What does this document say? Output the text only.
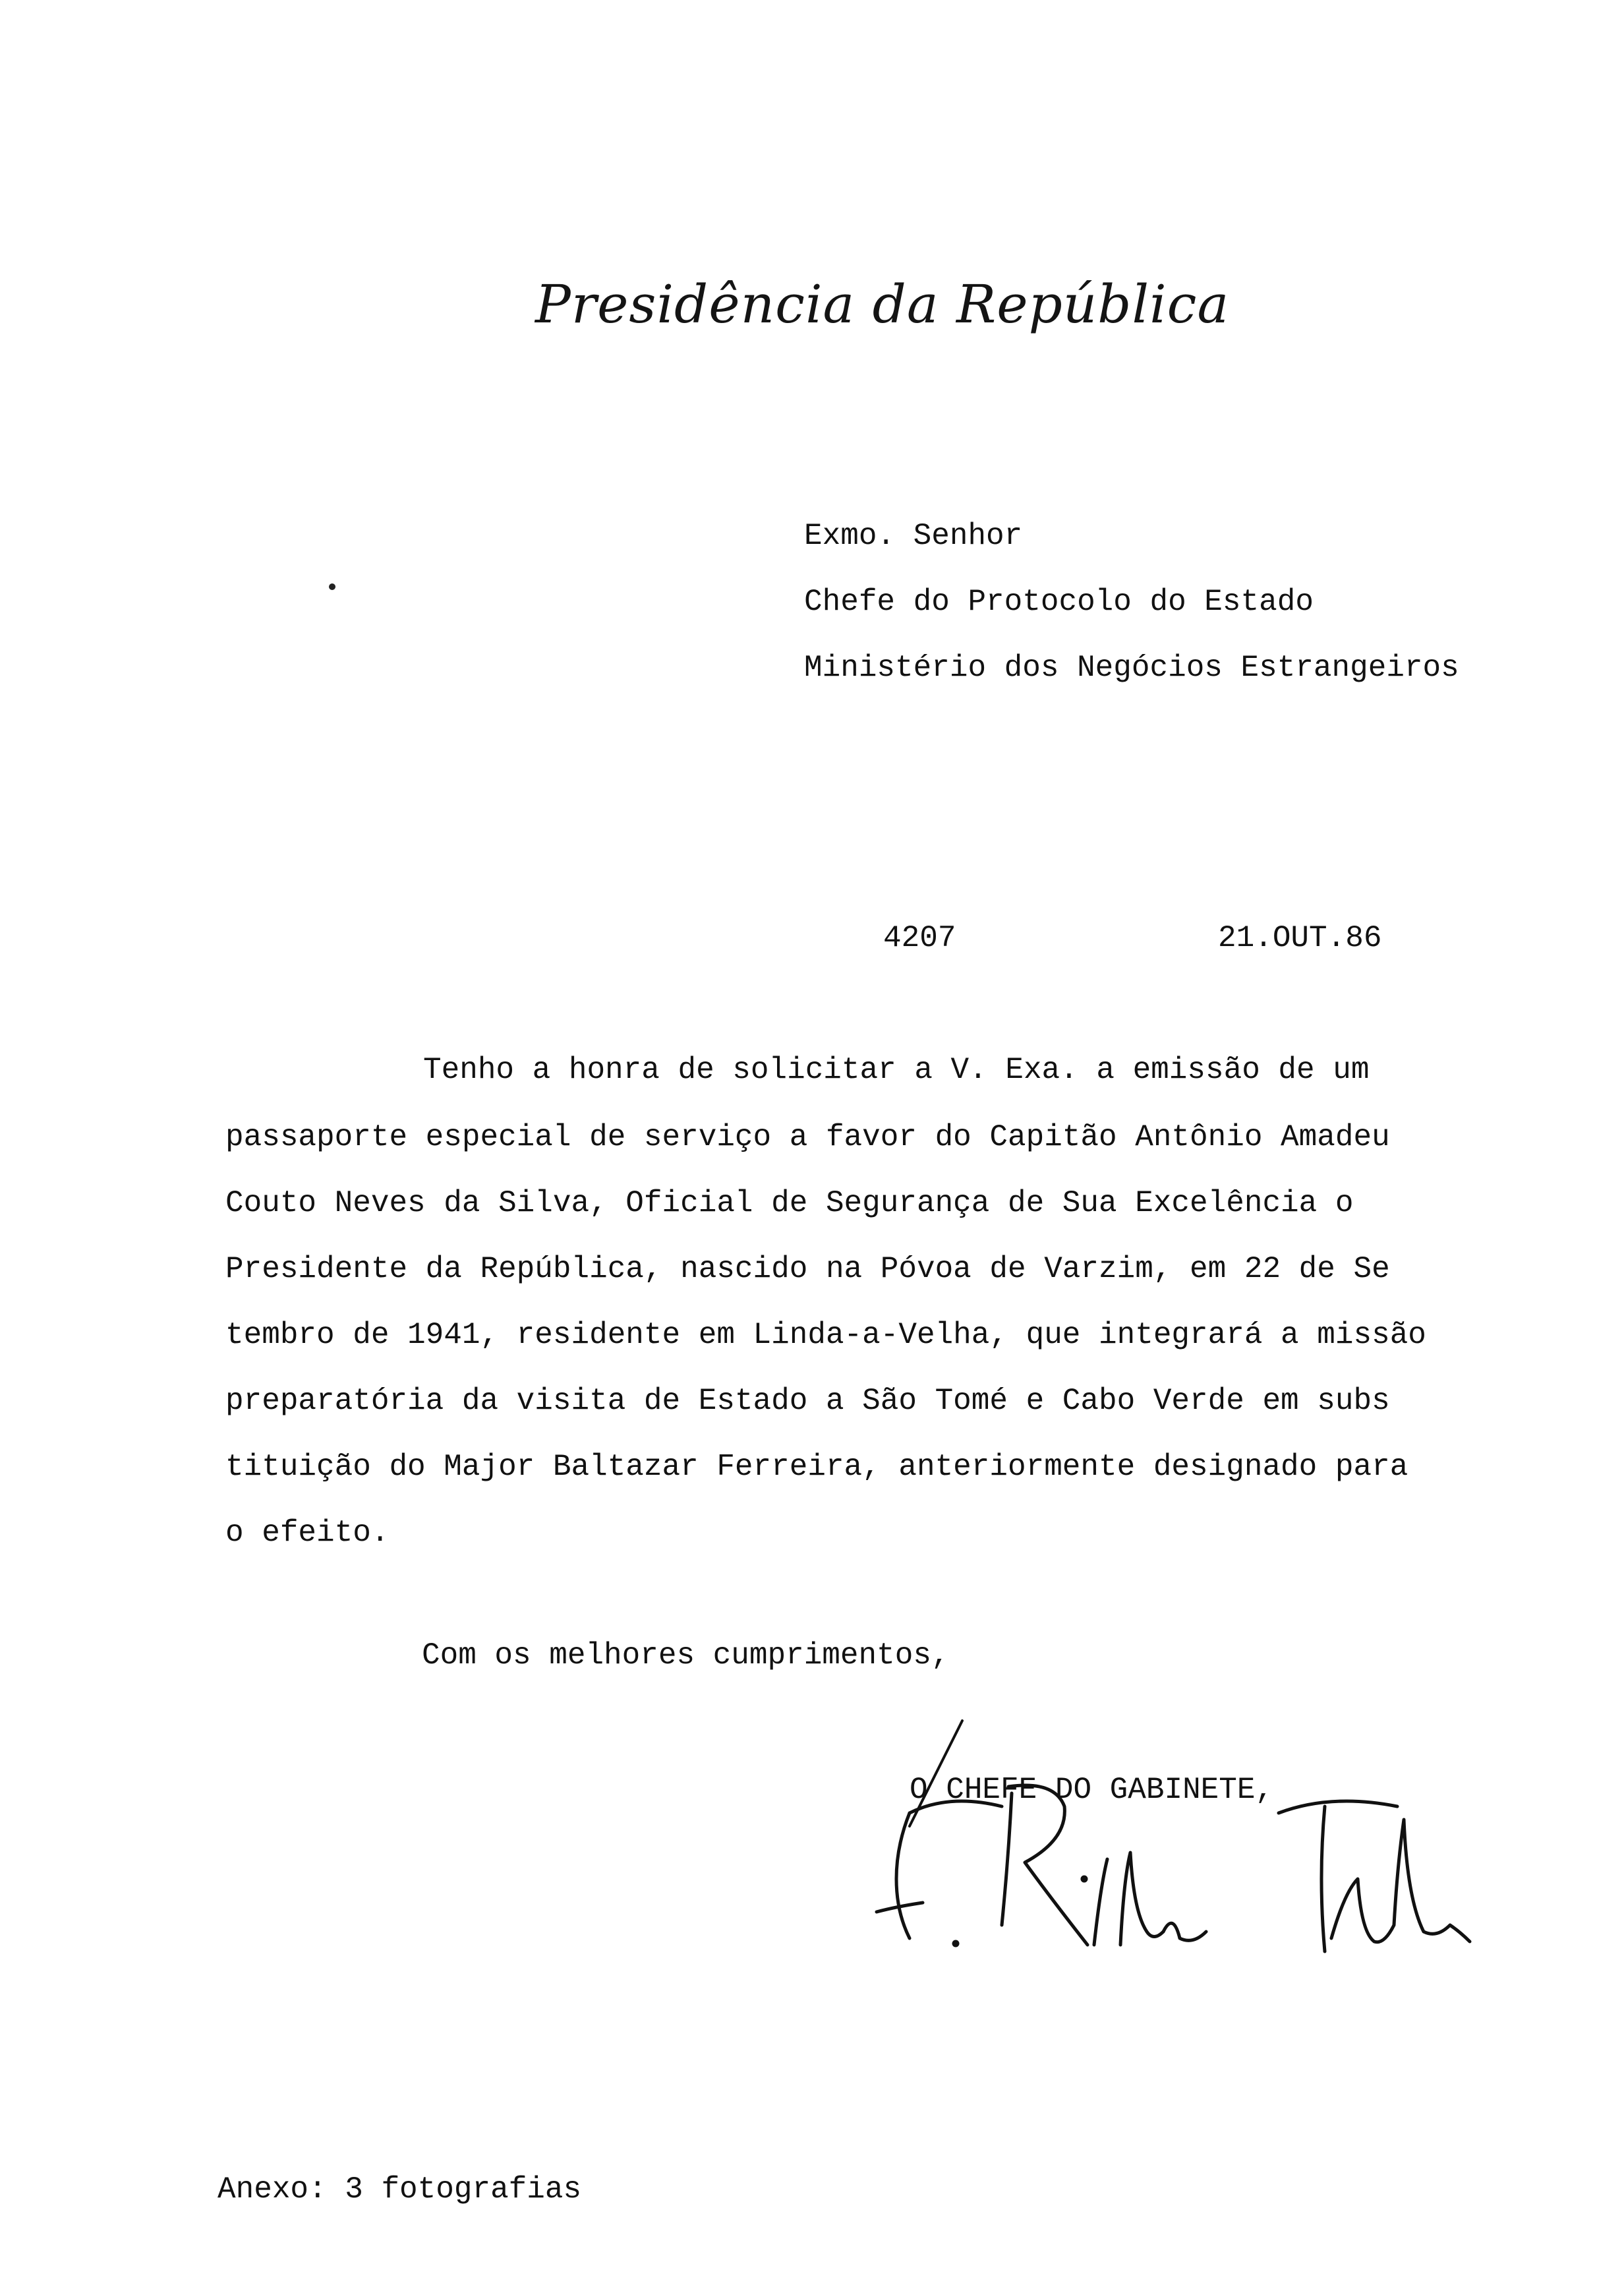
Presidência da República
Exmo. Senhor
Chefe do Protocolo do Estado
Ministério dos Negócios Estrangeiros
4207	21.OUT.86
Tenho a honra de solicitar a V. Exa. a emissão de um
passaporte especial de serviço a favor do Capitão Antônio Amadeu
Couto Neves da Silva, Oficial de Segurança de Sua Excelência o
Presidente da República, nascido na Póvoa de Varzim, em 22 de Se
tembro de 1941, residente em Linda-a-Velha, que integrará a missão
preparatória da visita de Estado a São Tomé e Cabo Verde em subs
tituição do Major Baltazar Ferreira, anteriormente designado para
o efeito.
Com os melhores cumprimentos,
O CHEFE DO GABINETE,
Anexo: 3 fotografias
